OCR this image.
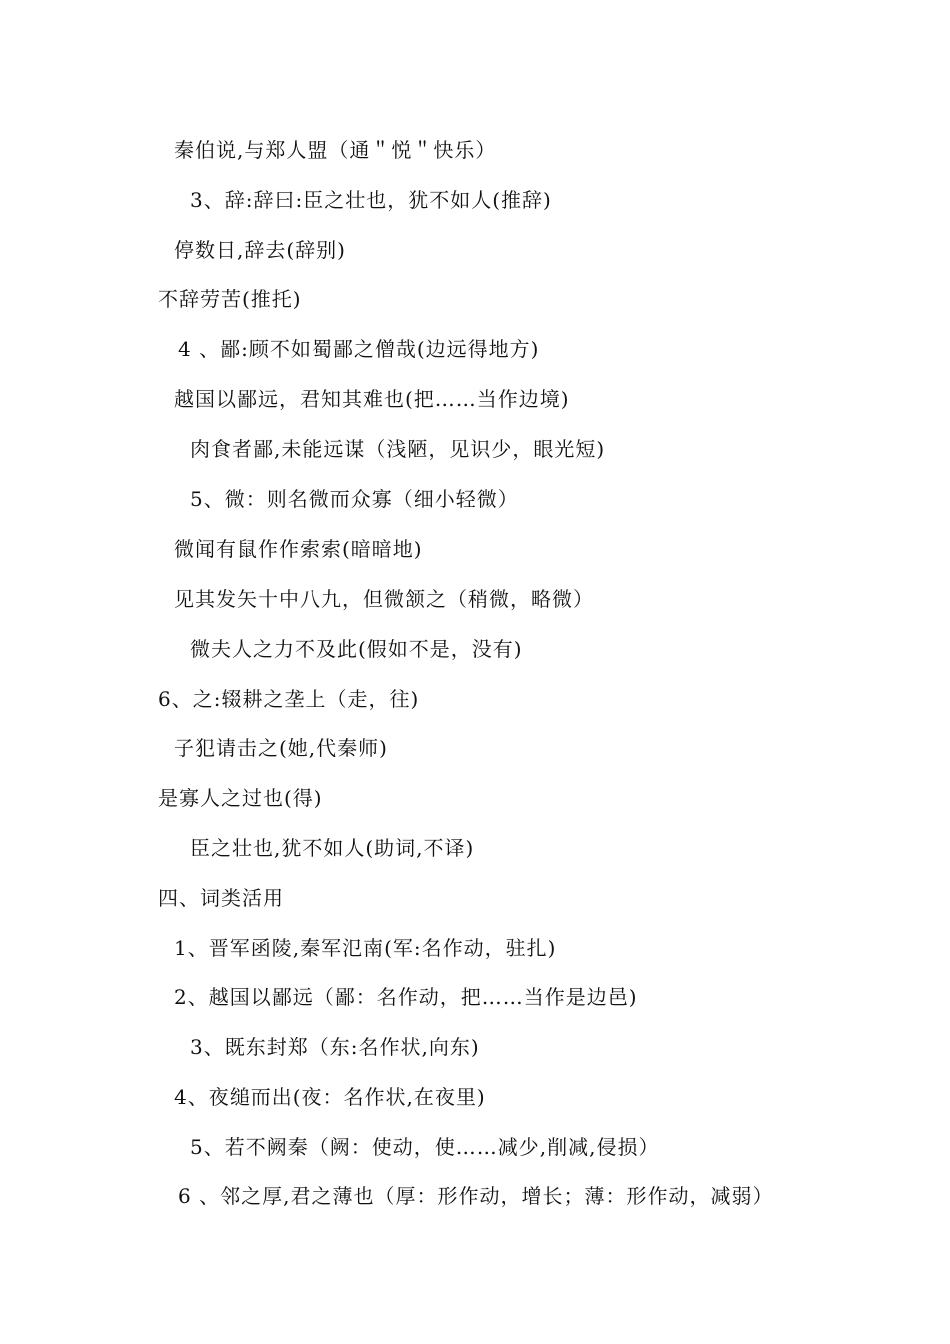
秦伯说,与郑人盟（通＂悦＂快乐）
3、辞:辞曰:臣之壮也，犹不如人(推辞)
停数日,辞去(辞别)
不辞劳苦(推托)
4 、鄙:顾不如蜀鄙之僧哉(边远得地方)
越国以鄙远，君知其难也(把……当作边境)
肉食者鄙,未能远谋（浅陋，见识少，眼光短)
5、微：则名微而众寡（细小轻微）
微闻有鼠作作索索(暗暗地)
见其发矢十中八九，但微颔之（稍微，略微）
微夫人之力不及此(假如不是，没有)
6、之:辍耕之垄上（走，往)
子犯请击之(她,代秦师)
是寡人之过也(得)
臣之壮也,犹不如人(助词,不译)
四、词类活用
1、晋军函陵,秦军氾南(军:名作动，驻扎)
2、越国以鄙远（鄙：名作动，把……当作是边邑)
3、既东封郑（东:名作状,向东)
4、夜缒而出(夜：名作状,在夜里)
5、若不阙秦（阙：使动，使……减少,削减,侵损）
6 、邻之厚,君之薄也（厚：形作动，增长；薄：形作动，减弱）
